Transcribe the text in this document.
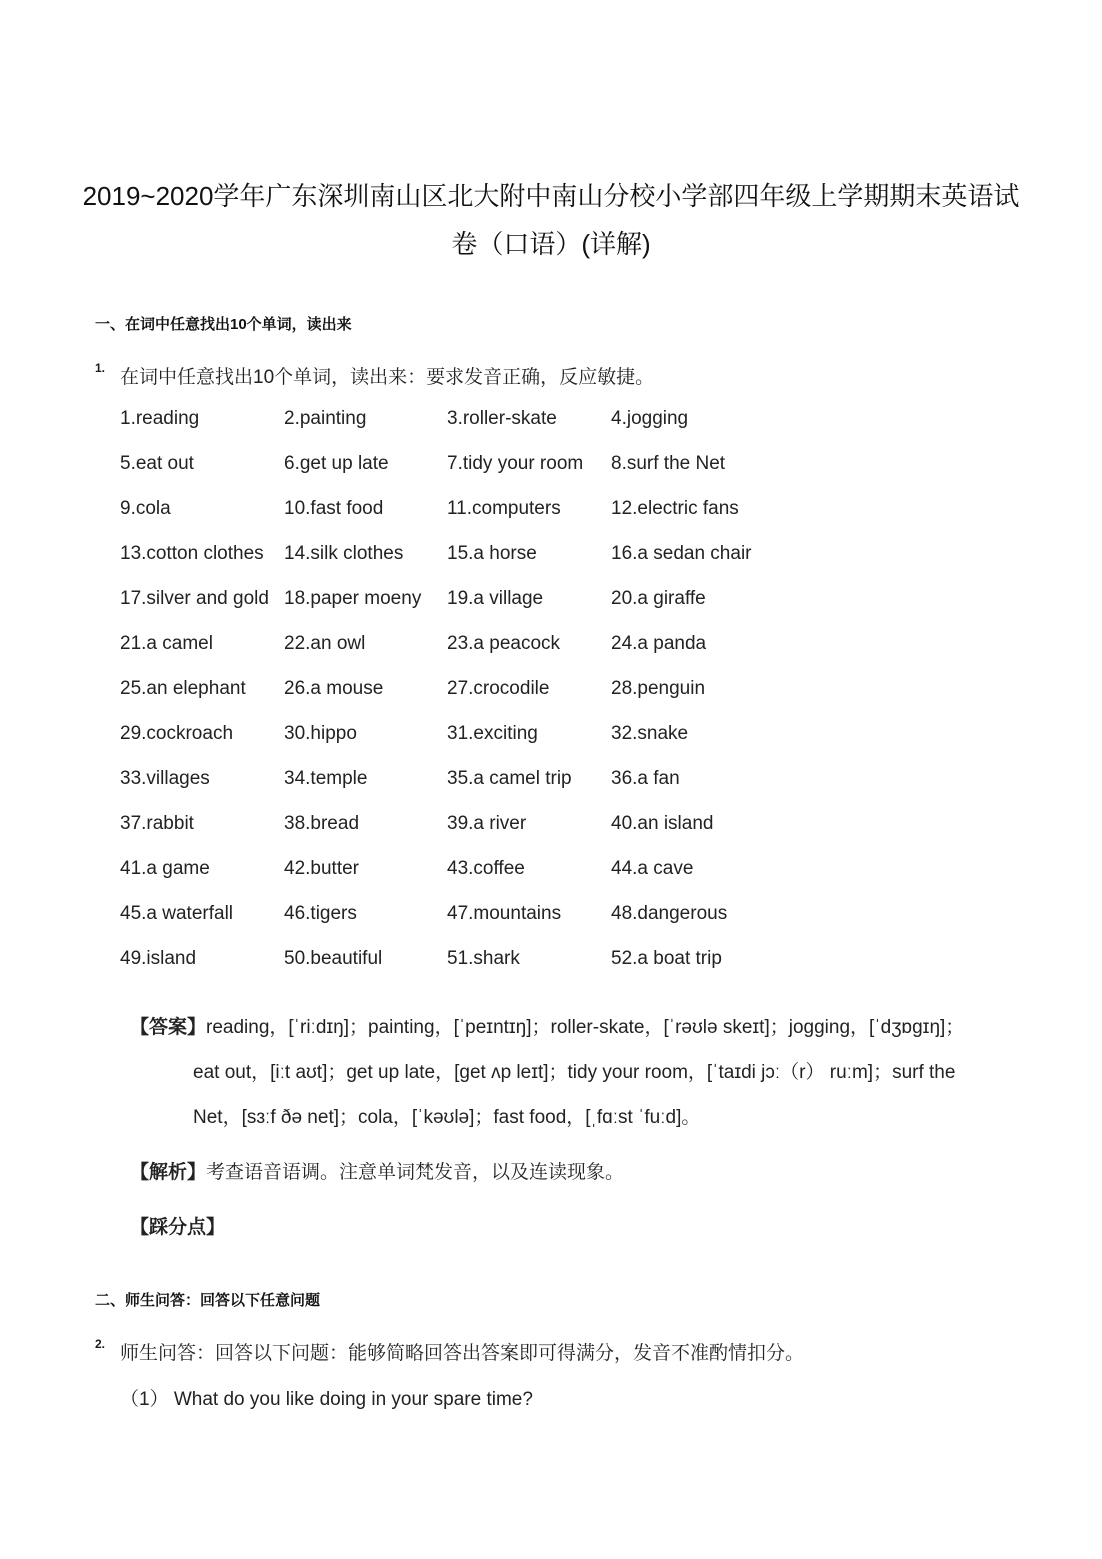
2019~2020学年广东深圳南山区北大附中南山分校小学部四年级上学期期末英语试
卷（口语）(详解)
一、在词中任意找出10个单词，读出来
1. 在词中任意找出10个单词，读出来：要求发音正确，反应敏捷。
1.reading	2.painting	3.roller-skate	4.jogging
5.eat out	6.get up late	7.tidy your room	8.surf the Net
9.cola	10.fast food	11.computers	12.electric fans
13.cotton clothes	14.silk clothes	15.a horse	16.a sedan chair
17.silver and gold 18.paper moeny	19.a village	20.a giraffe
21.a camel	22.an owl	23.a peacock	24.a panda
25.an elephant	26.a mouse	27.crocodile	28.penguin
29.cockroach	30.hippo	31.exciting	32.snake
33.villages	34.temple	35.a camel trip	36.a fan
37.rabbit	38.bread	39.a river	40.an island
41.a game	42.butter	43.coffee	44.a cave
45.a waterfall	46.tigers	47.mountains	48.dangerous
49.island	50.beautiful	51.shark	52.a boat trip
【答案】reading，[ˈriːdɪŋ]；painting，[ˈpeɪntɪŋ]；roller-skate，[ˈrəʊlə skeɪt]；jogging，[ˈdʒɒgɪŋ]；
eat out，[iːt aʊt]；get up late，[get ʌp leɪt]；tidy your room，[ˈtaɪdi jɔː（r） ruːm]；surf the
Net，[sɜːf ðə net]；cola，[ˈkəʊlə]；fast food，[ˌfɑːst ˈfuːd]。
【解析】考查语音语调。注意单词梵发音，以及连读现象。
【踩分点】
二、师生问答：回答以下任意问题
2. 师生问答：回答以下问题：能够简略回答出答案即可得满分，发音不准酌情扣分。
（1） What do you like doing in your spare time?
